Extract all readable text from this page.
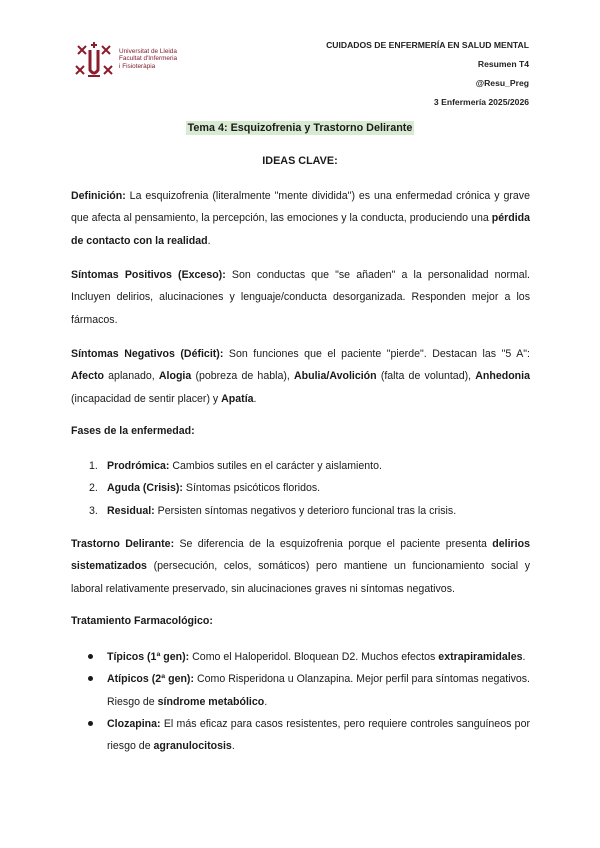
Universitat de Lleida
Facultat d'Infermeria
i Fisioteràpia
CUIDADOS DE ENFERMERÍA EN SALUD MENTAL
Resumen T4
@Resu_Preg
3 Enfermería 2025/2026
Tema 4: Esquizofrenia y Trastorno Delirante
IDEAS CLAVE:
Definición: La esquizofrenia (literalmente "mente dividida") es una enfermedad crónica y grave que afecta al pensamiento, la percepción, las emociones y la conducta, produciendo una pérdida de contacto con la realidad.
Síntomas Positivos (Exceso): Son conductas que "se añaden" a la personalidad normal. Incluyen delirios, alucinaciones y lenguaje/conducta desorganizada. Responden mejor a los fármacos.
Síntomas Negativos (Déficit): Son funciones que el paciente "pierde". Destacan las "5 A": Afecto aplanado, Alogia (pobreza de habla), Abulia/Avolición (falta de voluntad), Anhedonia (incapacidad de sentir placer) y Apatía.
Fases de la enfermedad:
1. Prodrómica: Cambios sutiles en el carácter y aislamiento.
2. Aguda (Crisis): Síntomas psicóticos floridos.
3. Residual: Persisten síntomas negativos y deterioro funcional tras la crisis.
Trastorno Delirante: Se diferencia de la esquizofrenia porque el paciente presenta delirios sistematizados (persecución, celos, somáticos) pero mantiene un funcionamiento social y laboral relativamente preservado, sin alucinaciones graves ni síntomas negativos.
Tratamiento Farmacológico:
Típicos (1ª gen): Como el Haloperidol. Bloquean D2. Muchos efectos extrapiramidales.
Atípicos (2ª gen): Como Risperidona u Olanzapina. Mejor perfil para síntomas negativos. Riesgo de síndrome metabólico.
Clozapina: El más eficaz para casos resistentes, pero requiere controles sanguíneos por riesgo de agranulocitosis.
